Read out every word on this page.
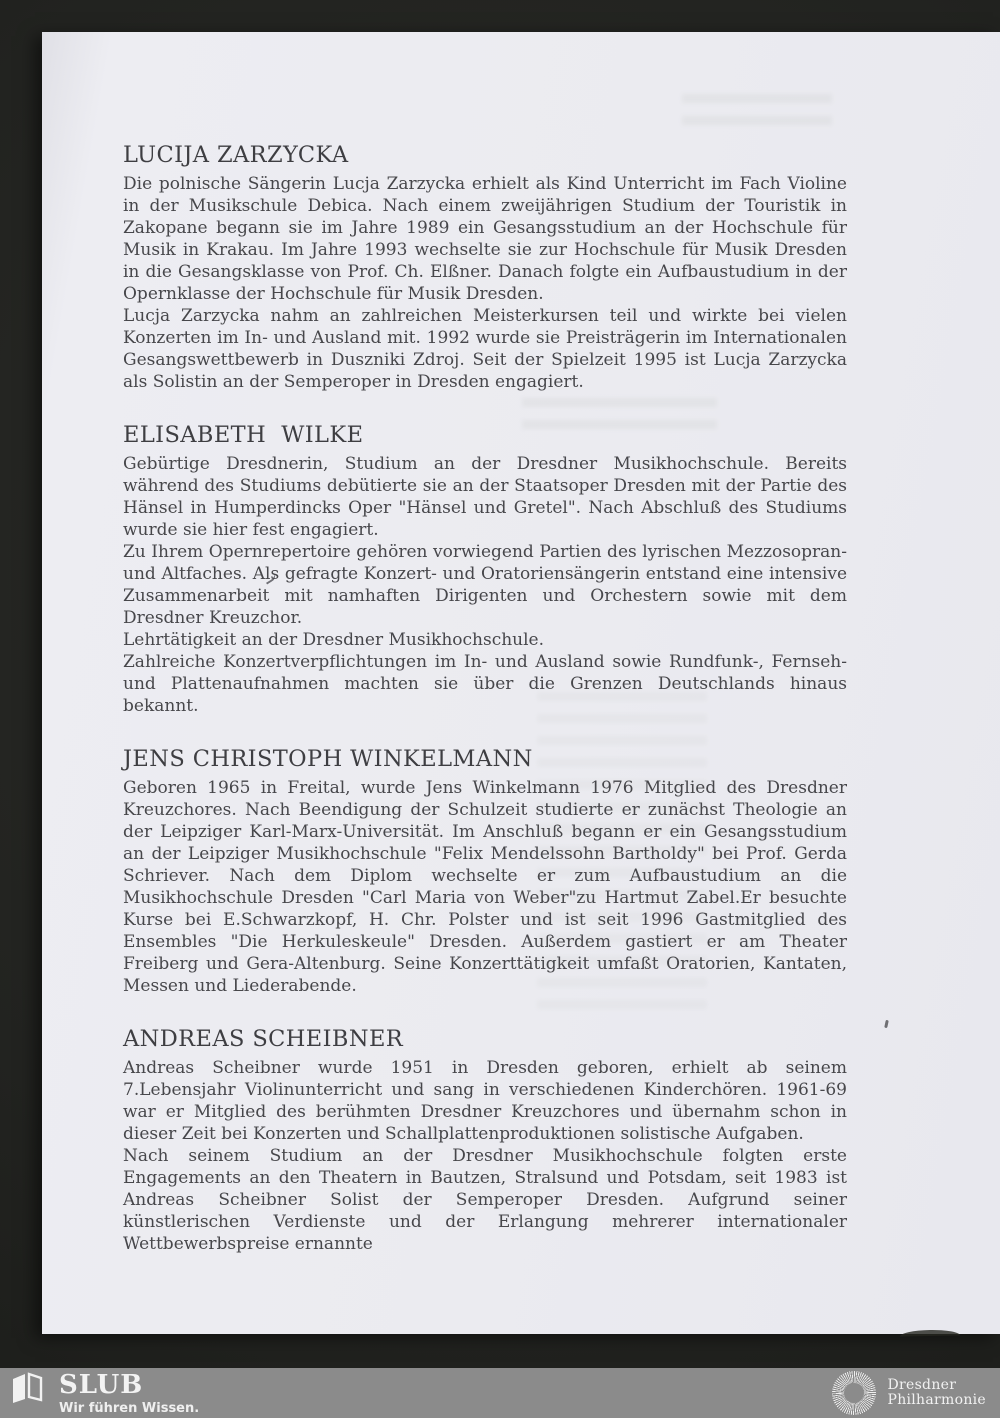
LUCIJA ZARZYCKA

Die polnische Sängerin Lucja Zarzycka erhielt als Kind Unterricht im Fach Violine in der Musikschule Debica. Nach einem zweijährigen Studium der Touristik in Zakopane begann sie im Jahre 1989 ein Gesangsstudium an der Hochschule für Musik in Krakau. Im Jahre 1993 wechselte sie zur Hochschule für Musik Dresden in die Gesangsklasse von Prof. Ch. Elßner. Danach folgte ein Aufbaustudium in der Opernklasse der Hochschule für Musik Dresden.

Lucja Zarzycka nahm an zahlreichen Meisterkursen teil und wirkte bei vielen Konzerten im In- und Ausland mit. 1992 wurde sie Preisträgerin im Internationalen Gesangswettbewerb in Duszniki Zdroj. Seit der Spielzeit 1995 ist Lucja Zarzycka als Solistin an der Semperoper in Dresden engagiert.

ELISABETH  WILKE

Gebürtige Dresdnerin, Studium an der Dresdner Musikhochschule. Bereits während des Studiums debütierte sie an der Staatsoper Dresden mit der Partie des Hänsel in Humperdincks Oper "Hänsel und Gretel". Nach Abschluß des Studiums wurde sie hier fest engagiert.

Zu Ihrem Opernrepertoire gehören vorwiegend Partien des lyrischen Mezzosopran- und Altfaches. Als gefragte Konzert- und Oratoriensängerin entstand eine intensive Zusammenarbeit mit namhaften Dirigenten und Orchestern sowie mit dem Dresdner Kreuzchor.

Lehrtätigkeit an der Dresdner Musikhochschule.

Zahlreiche Konzertverpflichtungen im In- und Ausland sowie Rundfunk-, Fernseh- und Plattenaufnahmen machten sie über die Grenzen Deutschlands hinaus bekannt.

JENS CHRISTOPH WINKELMANN

Geboren 1965 in Freital, wurde Jens Winkelmann 1976 Mitglied des Dresdner Kreuzchores. Nach Beendigung der Schulzeit studierte er zunächst Theologie an der Leipziger Karl-Marx-Universität. Im Anschluß begann er ein Gesangsstudium an der Leipziger Musikhochschule "Felix Mendelssohn Bartholdy" bei Prof. Gerda Schriever. Nach dem Diplom wechselte er zum Aufbaustudium an die Musikhochschule Dresden "Carl Maria von Weber"zu Hartmut Zabel.Er besuchte Kurse bei E.Schwarzkopf, H. Chr. Polster und ist seit 1996 Gastmitglied des Ensembles "Die Herkuleskeule" Dresden. Außerdem gastiert er am Theater Freiberg und Gera-Altenburg. Seine Konzerttätigkeit umfaßt Oratorien, Kantaten, Messen und Liederabende.

ANDREAS SCHEIBNER

Andreas Scheibner wurde 1951 in Dresden geboren, erhielt ab seinem 7.Lebensjahr Violinunterricht und sang in verschiedenen Kinderchören. 1961-69 war er Mitglied des berühmten Dresdner Kreuzchores und übernahm schon in dieser Zeit bei Konzerten und Schallplattenproduktionen solistische Aufgaben.

Nach seinem Studium an der Dresdner Musikhochschule folgten erste Engagements an den Theatern in Bautzen, Stralsund und Potsdam, seit 1983 ist Andreas Scheibner Solist der Semperoper Dresden. Aufgrund seiner künstlerischen Verdienste und der Erlangung mehrerer internationaler Wettbewerbspreise ernannte

SLUB
Wir führen Wissen.
Dresdner
Philharmonie
